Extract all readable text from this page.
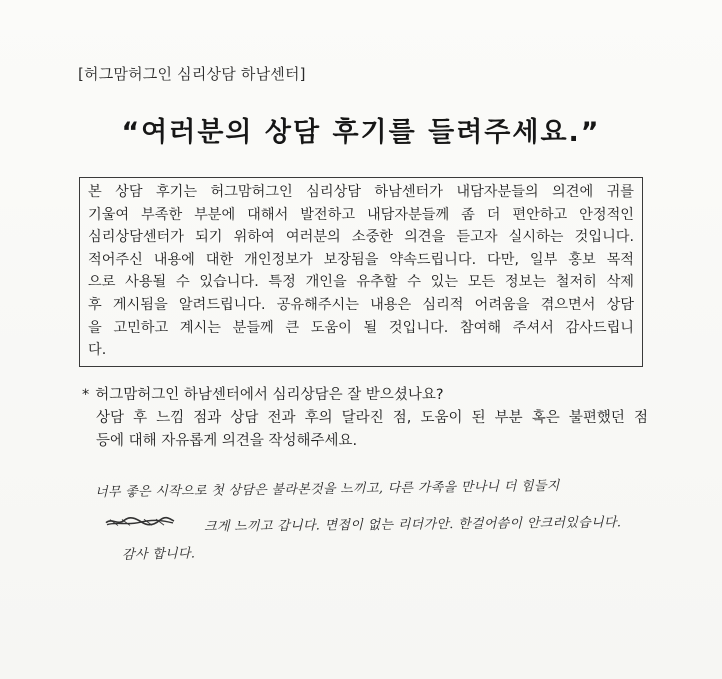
[허그맘허그인 심리상담 하남센터]
“여러분의 상담 후기를 들려주세요.”
본 상담 후기는 허그맘허그인 심리상담 하남센터가 내담자분들의 의견에 귀를
기울여 부족한 부분에 대해서 발전하고 내담자분들께 좀 더 편안하고 안정적인
심리상담센터가 되기 위하여 여러분의 소중한 의견을 듣고자 실시하는 것입니다.
적어주신 내용에 대한 개인정보가 보장됨을 약속드립니다. 다만, 일부 홍보 목적
으로 사용될 수 있습니다. 특정 개인을 유추할 수 있는 모든 정보는 철저히 삭제
후 게시됨을 알려드립니다. 공유해주시는 내용은 심리적 어려움을 겪으면서 상담
을 고민하고 계시는 분들께 큰 도움이 될 것입니다. 참여해 주셔서 감사드립니
다.
* 허그맘허그인 하남센터에서 심리상담은 잘 받으셨나요?
상담 후 느낌 점과 상담 전과 후의 달라진 점, 도움이 된 부분 혹은 불편했던 점
등에 대해 자유롭게 의견을 작성해주세요.
너무 좋은 시작으로 첫 상담은 불라본것을 느끼고, 다른 가족을 만나니 더 힘들지
크게 느끼고 갑니다. 면접이 없는 리더가안. 한걸어씀이 안크러있습니다.
감사 합니다.
